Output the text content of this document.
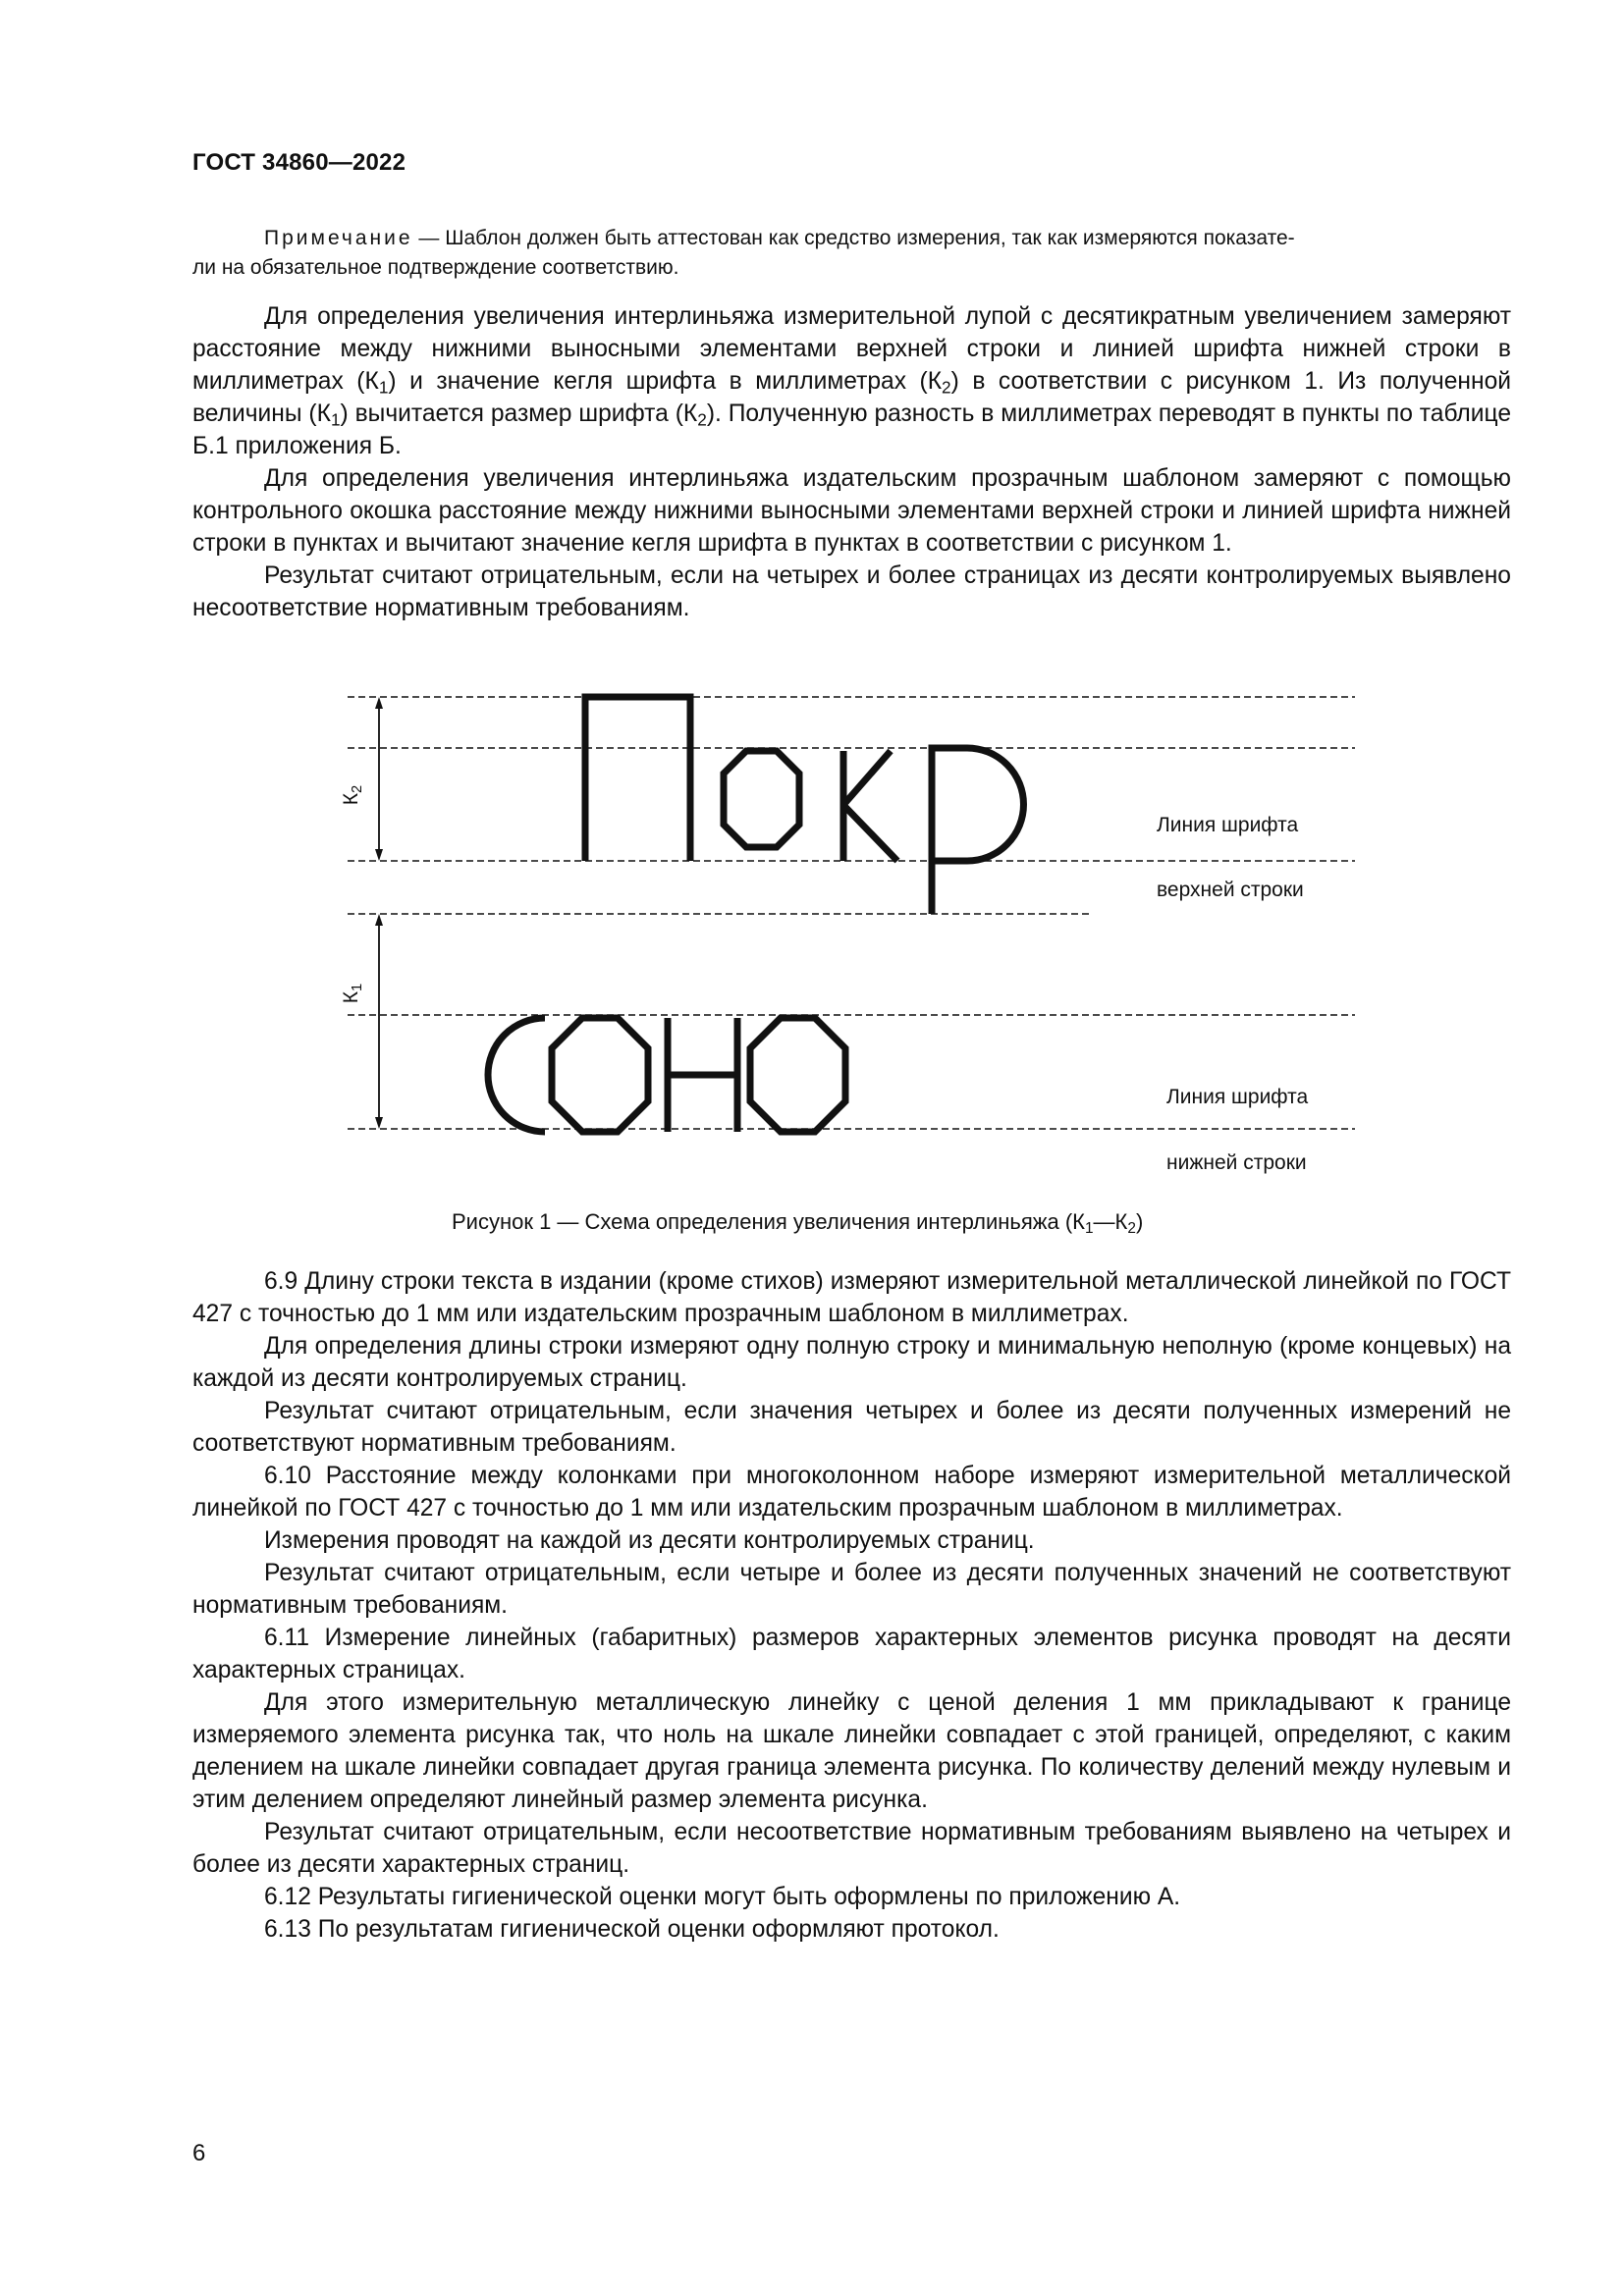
ГОСТ 34860—2022
Примечание — Шаблон должен быть аттестован как средство измерения, так как измеряются показате-
ли на обязательное подтверждение соответствию.

Для определения увеличения интерлиньяжа измерительной лупой с десятикратным увеличением замеряют расстояние между нижними выносными элементами верхней строки и линией шрифта нижней строки в миллиметрах $(К_1)$ и значение кегля шрифта в миллиметрах $(К_2)$ в соответствии с рисунком 1. Из полученной величины $(К_1)$ вычитается размер шрифта $(К_2)$. Полученную разность в миллиметрах переводят в пункты по таблице Б.1 приложения Б.

Для определения увеличения интерлиньяжа издательским прозрачным шаблоном замеряют с помощью контрольного окошка расстояние между нижними выносными элементами верхней строки и линией шрифта нижней строки в пунктах и вычитают значение кегля шрифта в пунктах в соответствии с рисунком 1.

Результат считают отрицательным, если на четырех и более страницах из десяти контролируемых выявлено несоответствие нормативным требованиям.

$К_2$
$К_1$
Линия шрифта
верхней строки
Линия шрифта
нижней строки
Рисунок 1 — Схема определения увеличения интерлиньяжа $(К_1—К_2)$

6.9 Длину строки текста в издании (кроме стихов) измеряют измерительной металлической линейкой по ГОСТ 427 с точностью до 1 мм или издательским прозрачным шаблоном в миллиметрах.

Для определения длины строки измеряют одну полную строку и минимальную неполную (кроме концевых) на каждой из десяти контролируемых страниц.

Результат считают отрицательным, если значения четырех и более из десяти полученных измерений не соответствуют нормативным требованиям.

6.10 Расстояние между колонками при многоколонном наборе измеряют измерительной металлической линейкой по ГОСТ 427 с точностью до 1 мм или издательским прозрачным шаблоном в миллиметрах.

Измерения проводят на каждой из десяти контролируемых страниц.

Результат считают отрицательным, если четыре и более из десяти полученных значений не соответствуют нормативным требованиям.

6.11 Измерение линейных (габаритных) размеров характерных элементов рисунка проводят на десяти характерных страницах.

Для этого измерительную металлическую линейку с ценой деления 1 мм прикладывают к границе измеряемого элемента рисунка так, что ноль на шкале линейки совпадает с этой границей, определяют, с каким делением на шкале линейки совпадает другая граница элемента рисунка. По количеству делений между нулевым и этим делением определяют линейный размер элемента рисунка.

Результат считают отрицательным, если несоответствие нормативным требованиям выявлено на четырех и более из десяти характерных страниц.

6.12 Результаты гигиенической оценки могут быть оформлены по приложению А.

6.13 По результатам гигиенической оценки оформляют протокол.

6
